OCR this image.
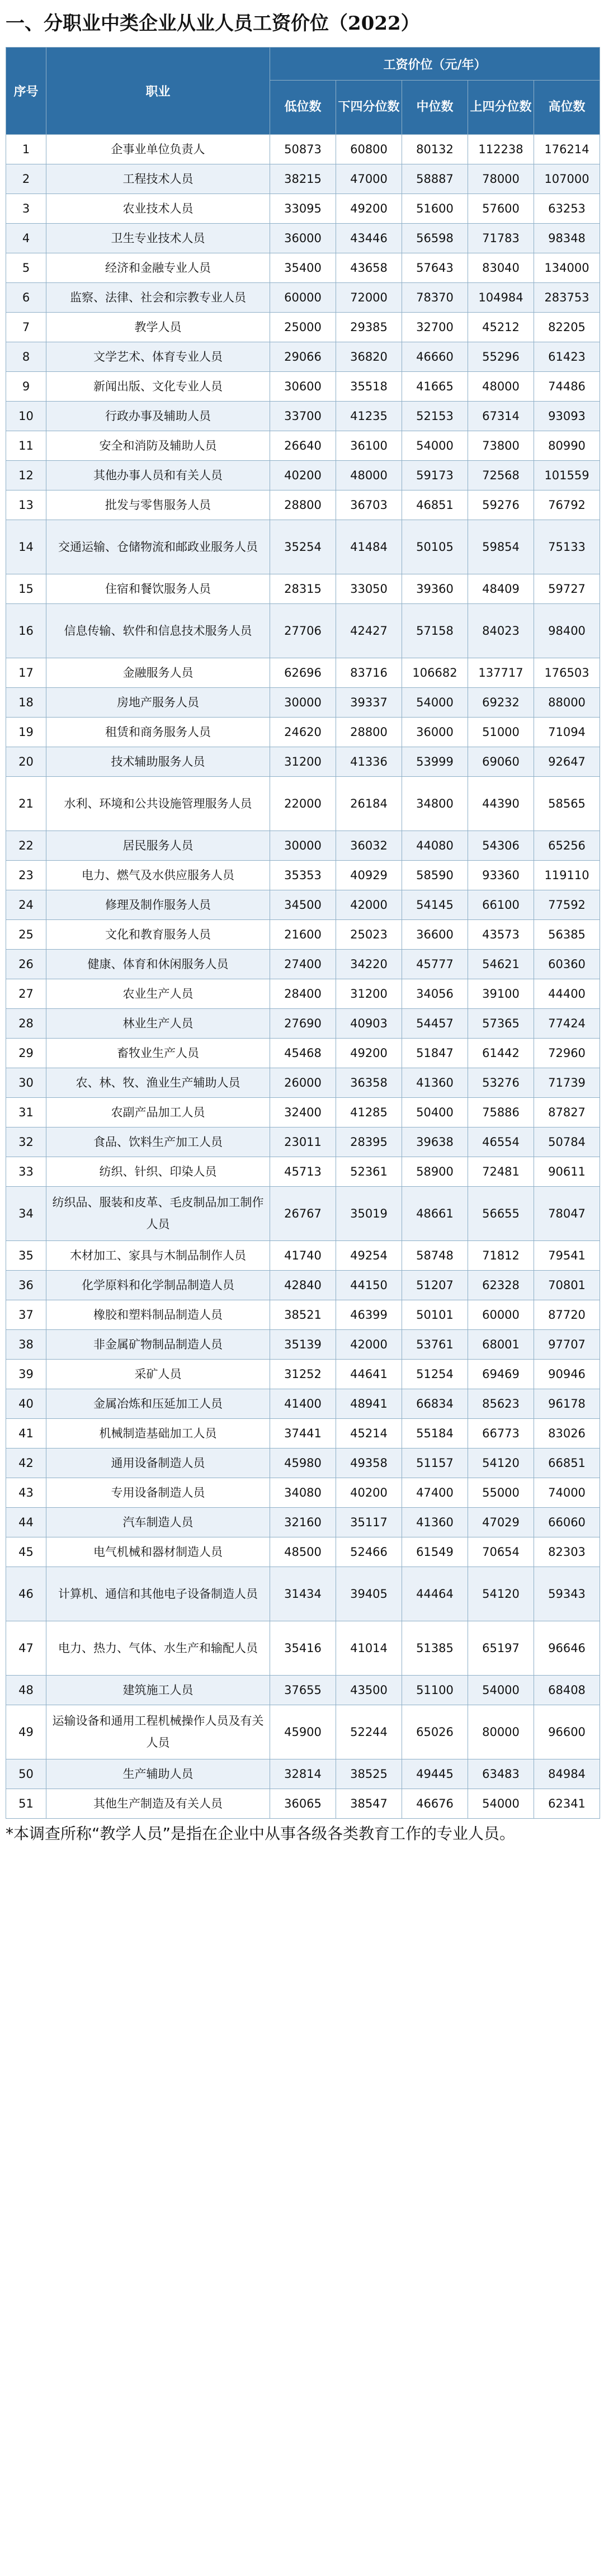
一、分职业中类企业从业人员工资价位（2022）
序号	职业	工资价位（元/年）				
		低位数	下四分位数	中位数	上四分位数	高位数
1	企事业单位负责人	50873	60800	80132	112238	176214
2	工程技术人员	38215	47000	58887	78000	107000
3	农业技术人员	33095	49200	51600	57600	63253
4	卫生专业技术人员	36000	43446	56598	71783	98348
5	经济和金融专业人员	35400	43658	57643	83040	134000
6	监察、法律、社会和宗教专业人员	60000	72000	78370	104984	283753
7	教学人员	25000	29385	32700	45212	82205
8	文学艺术、体育专业人员	29066	36820	46660	55296	61423
9	新闻出版、文化专业人员	30600	35518	41665	48000	74486
10	行政办事及辅助人员	33700	41235	52153	67314	93093
11	安全和消防及辅助人员	26640	36100	54000	73800	80990
12	其他办事人员和有关人员	40200	48000	59173	72568	101559
13	批发与零售服务人员	28800	36703	46851	59276	76792
14	交通运输、仓储物流和邮政业服务人员	35254	41484	50105	59854	75133
15	住宿和餐饮服务人员	28315	33050	39360	48409	59727
16	信息传输、软件和信息技术服务人员	27706	42427	57158	84023	98400
17	金融服务人员	62696	83716	106682	137717	176503
18	房地产服务人员	30000	39337	54000	69232	88000
19	租赁和商务服务人员	24620	28800	36000	51000	71094
20	技术辅助服务人员	31200	41336	53999	69060	92647
21	水利、环境和公共设施管理服务人员	22000	26184	34800	44390	58565
22	居民服务人员	30000	36032	44080	54306	65256
23	电力、燃气及水供应服务人员	35353	40929	58590	93360	119110
24	修理及制作服务人员	34500	42000	54145	66100	77592
25	文化和教育服务人员	21600	25023	36600	43573	56385
26	健康、体育和休闲服务人员	27400	34220	45777	54621	60360
27	农业生产人员	28400	31200	34056	39100	44400
28	林业生产人员	27690	40903	54457	57365	77424
29	畜牧业生产人员	45468	49200	51847	61442	72960
30	农、林、牧、渔业生产辅助人员	26000	36358	41360	53276	71739
31	农副产品加工人员	32400	41285	50400	75886	87827
32	食品、饮料生产加工人员	23011	28395	39638	46554	50784
33	纺织、针织、印染人员	45713	52361	58900	72481	90611
34	纺织品、服装和皮革、毛皮制品加工制作人员	26767	35019	48661	56655	78047
35	木材加工、家具与木制品制作人员	41740	49254	58748	71812	79541
36	化学原料和化学制品制造人员	42840	44150	51207	62328	70801
37	橡胶和塑料制品制造人员	38521	46399	50101	60000	87720
38	非金属矿物制品制造人员	35139	42000	53761	68001	97707
39	采矿人员	31252	44641	51254	69469	90946
40	金属冶炼和压延加工人员	41400	48941	66834	85623	96178
41	机械制造基础加工人员	37441	45214	55184	66773	83026
42	通用设备制造人员	45980	49358	51157	54120	66851
43	专用设备制造人员	34080	40200	47400	55000	74000
44	汽车制造人员	32160	35117	41360	47029	66060
45	电气机械和器材制造人员	48500	52466	61549	70654	82303
46	计算机、通信和其他电子设备制造人员	31434	39405	44464	54120	59343
47	电力、热力、气体、水生产和输配人员	35416	41014	51385	65197	96646
48	建筑施工人员	37655	43500	51100	54000	68408
49	运输设备和通用工程机械操作人员及有关人员	45900	52244	65026	80000	96600
50	生产辅助人员	32814	38525	49445	63483	84984
51	其他生产制造及有关人员	36065	38547	46676	54000	62341
*本调查所称“教学人员”是指在企业中从事各级各类教育工作的专业人员。
